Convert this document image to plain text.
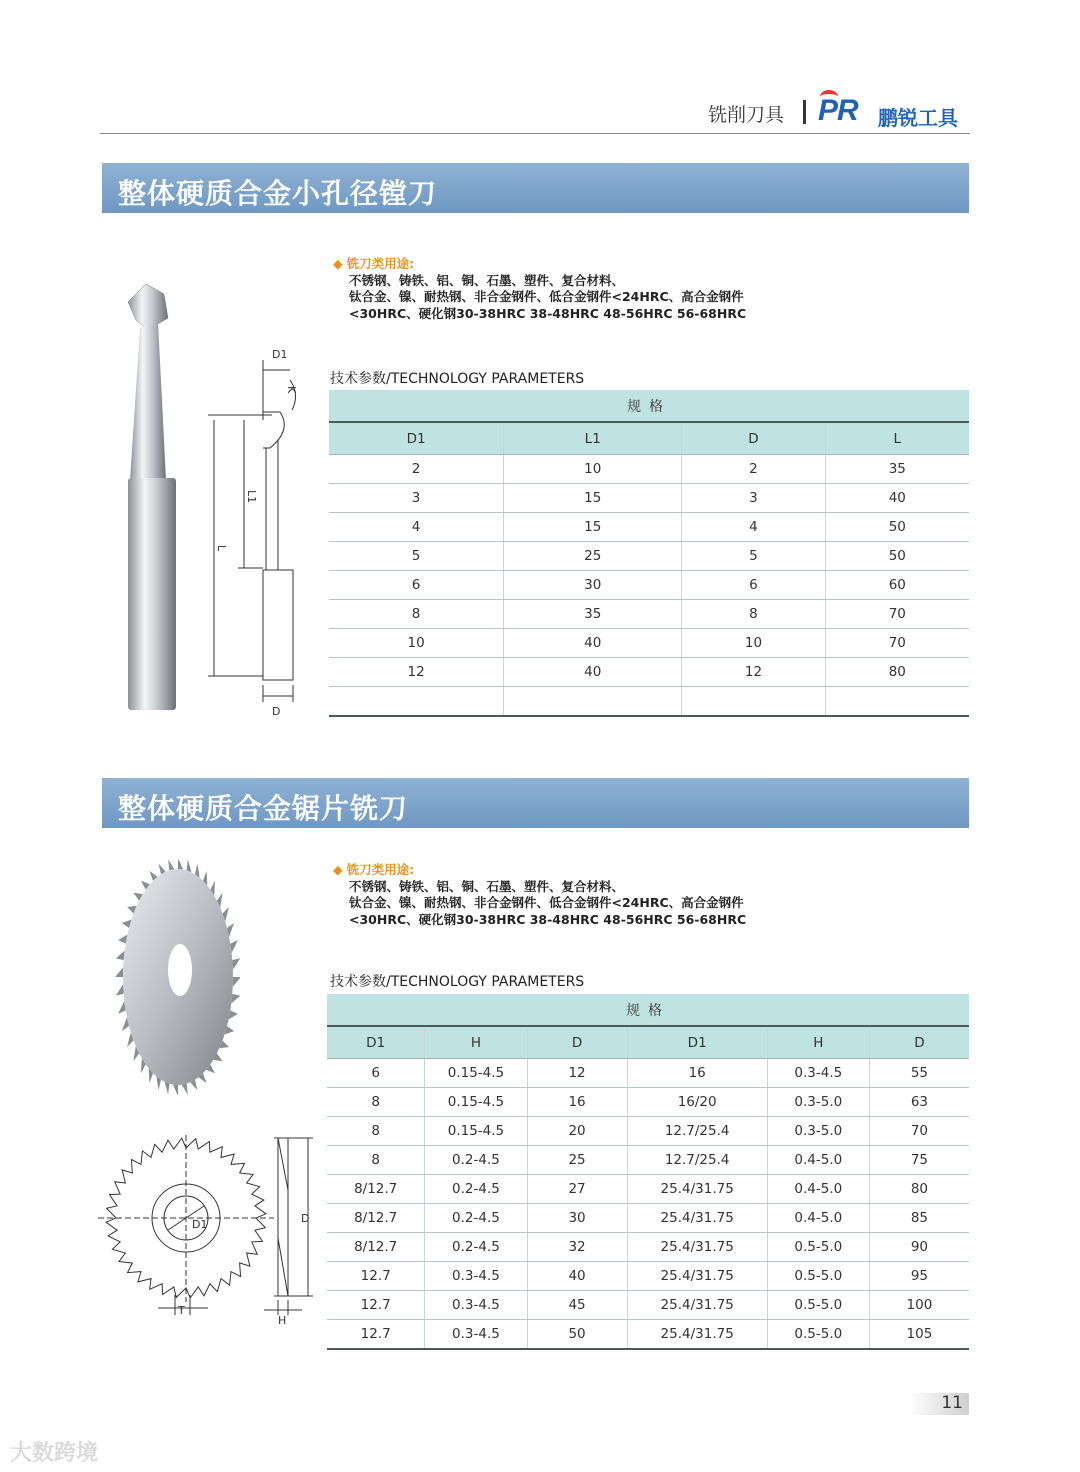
铣削刀具 PR 鹏锐工具
整体硬质合金小孔径镗刀
D1
K
L1
L
D
◆ 铣刀类用途:
不锈钢、铸铁、铝、铜、石墨、塑件、复合材料、
钛合金、镍、耐热钢、非合金钢件、低合金钢件<24HRC、高合金钢件
<30HRC、硬化钢30-38HRC 38-48HRC 48-56HRC 56-68HRC
技术参数/TECHNOLOGY PARAMETERS
规格			
D1	L1	D	L
2	10	2	35
3	15	3	40
4	15	4	50
5	25	5	50
6	30	6	60
8	35	8	70
10	40	10	70
12	40	12	80

整体硬质合金锯片铣刀
D1	D
T
H
◆ 铣刀类用途:
不锈钢、铸铁、铝、铜、石墨、塑件、复合材料、
钛合金、镍、耐热钢、非合金钢件、低合金钢件<24HRC、高合金钢件
<30HRC、硬化钢30-38HRC 38-48HRC 48-56HRC 56-68HRC
技术参数/TECHNOLOGY PARAMETERS
规格					
D1	H	D	D1	H	D
6	0.15-4.5	12	16	0.3-4.5	55
8	0.15-4.5	16	16/20	0.3-5.0	63
8	0.15-4.5	20	12.7/25.4	0.3-5.0	70
8	0.2-4.5	25	12.7/25.4	0.4-5.0	75
8/12.7	0.2-4.5	27	25.4/31.75	0.4-5.0	80
8/12.7	0.2-4.5	30	25.4/31.75	0.4-5.0	85
8/12.7	0.2-4.5	32	25.4/31.75	0.5-5.0	90
12.7	0.3-4.5	40	25.4/31.75	0.5-5.0	95
12.7	0.3-4.5	45	25.4/31.75	0.5-5.0	100
12.7	0.3-4.5	50	25.4/31.75	0.5-5.0	105
11
大数跨境
